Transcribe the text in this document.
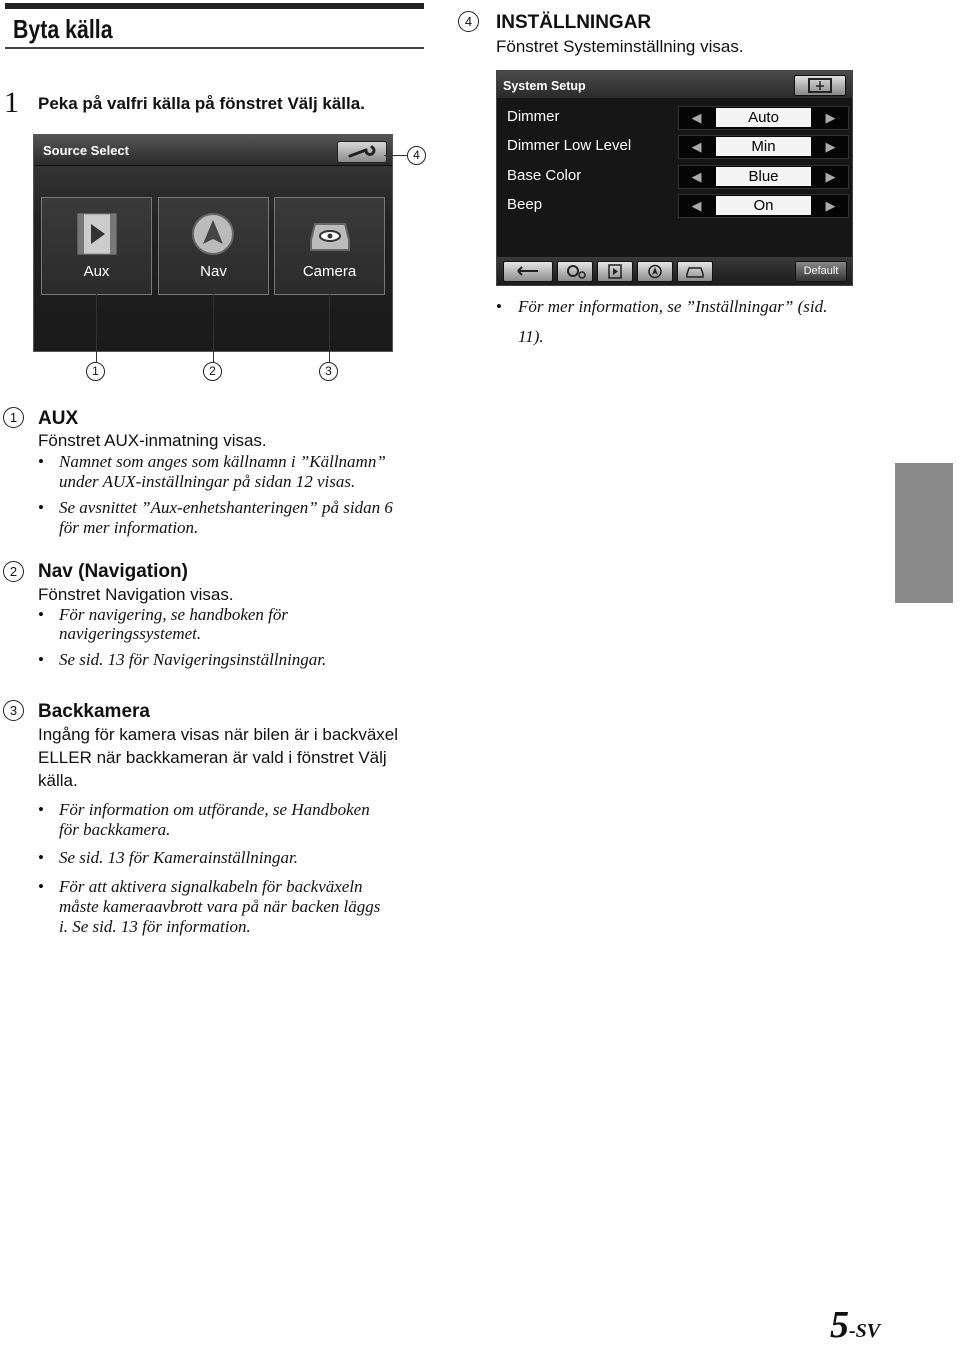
Byta källa
1 Peka på valfri källa på fönstret Välj källa.
Source Select
Aux	Nav	Camera
4
1	2	3
4	INSTÄLLNINGAR
Fönstret Systeminställning visas.
System Setup
Dimmer	◀	Auto	▶
Dimmer Low Level	◀	Min	▶
Base Color	◀	Blue	▶
Beep	◀	On	▶
Default
• För mer information, se ”Inställningar” (sid.
11).
1	AUX
Fönstret AUX-inmatning visas.
• Namnet som anges som källnamn i ”Källnamn”
under AUX-inställningar på sidan 12 visas.
• Se avsnittet ”Aux-enhetshanteringen” på sidan 6
för mer information.
2	Nav (Navigation)
Fönstret Navigation visas.
• För navigering, se handboken för
navigeringssystemet.
• Se sid. 13 för Navigeringsinställningar.
3	Backkamera
Ingång för kamera visas när bilen är i backväxel
ELLER när backkameran är vald i fönstret Välj
källa.
• För information om utförande, se Handboken
för backkamera.
• Se sid. 13 för Kamerainställningar.
• För att aktivera signalkabeln för backväxeln
måste kameraavbrott vara på när backen läggs
i. Se sid. 13 för information.
5-SV
